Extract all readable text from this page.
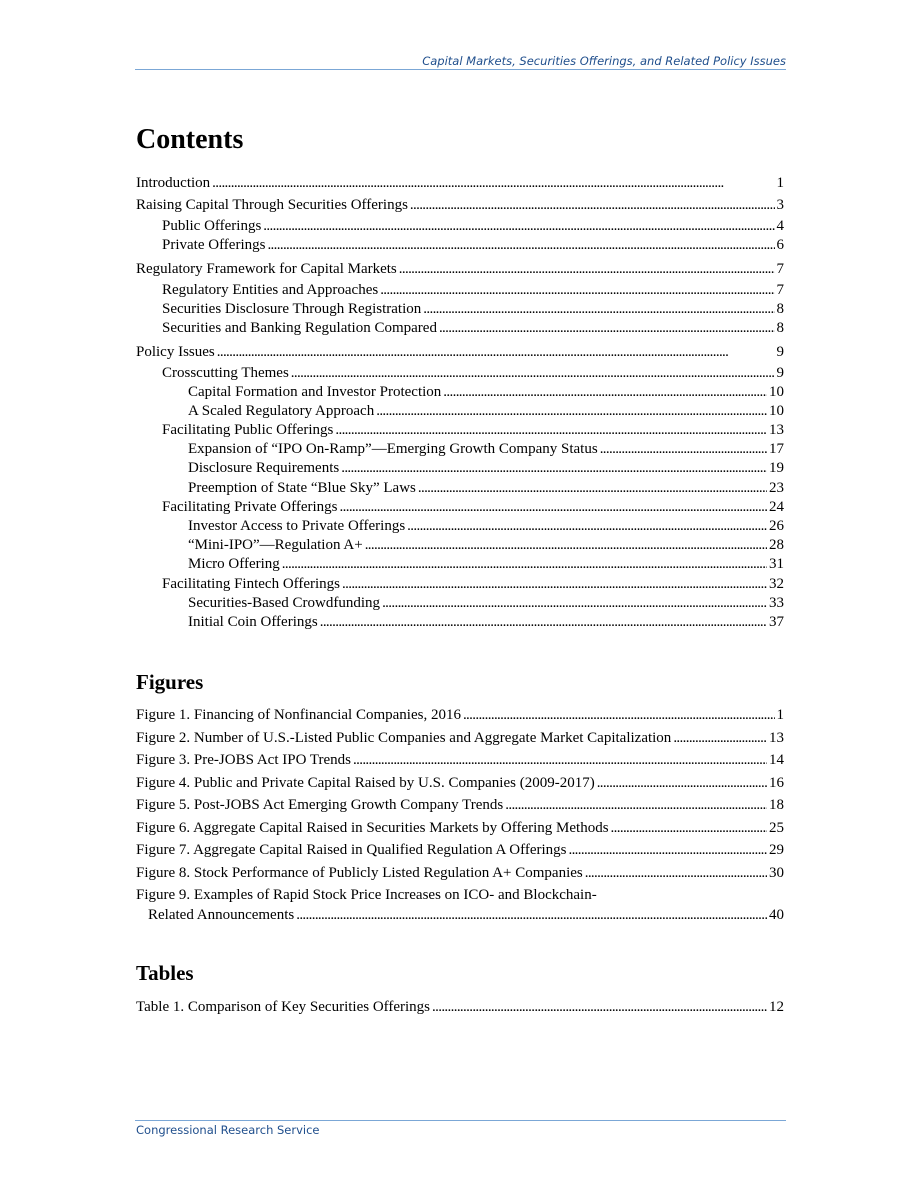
Capital Markets, Securities Offerings, and Related Policy Issues
Contents
Introduction . . .	1
Raising Capital Through Securities Offerings . . .	3
Public Offerings . . .	4
Private Offerings . . .	6
Regulatory Framework for Capital Markets . . .	7
Regulatory Entities and Approaches . . .	7
Securities Disclosure Through Registration . . .	8
Securities and Banking Regulation Compared . . .	8
Policy Issues . . .	9
Crosscutting Themes . . .	9
Capital Formation and Investor Protection . . .	10
A Scaled Regulatory Approach . . .	10
Facilitating Public Offerings . . .	13
Expansion of “IPO On-Ramp”—Emerging Growth Company Status . . .	17
Disclosure Requirements . . .	19
Preemption of State “Blue Sky” Laws . . .	23
Facilitating Private Offerings . . .	24
Investor Access to Private Offerings . . .	26
“Mini-IPO”—Regulation A+ . . .	28
Micro Offering . . .	31
Facilitating Fintech Offerings . . .	32
Securities-Based Crowdfunding . . .	33
Initial Coin Offerings . . .	37
Figures
Figure 1. Financing of Nonfinancial Companies, 2016 . . .	1
Figure 2. Number of U.S.-Listed Public Companies and Aggregate Market Capitalization . . .	13
Figure 3. Pre-JOBS Act IPO Trends . . .	14
Figure 4. Public and Private Capital Raised by U.S. Companies (2009-2017) . . .	16
Figure 5. Post-JOBS Act Emerging Growth Company Trends . . .	18
Figure 6. Aggregate Capital Raised in Securities Markets by Offering Methods . . .	25
Figure 7. Aggregate Capital Raised in Qualified Regulation A Offerings . . .	29
Figure 8. Stock Performance of Publicly Listed Regulation A+ Companies . . .	30
Figure 9. Examples of Rapid Stock Price Increases on ICO- and Blockchain-
Related Announcements . . .	40
Tables
Table 1. Comparison of Key Securities Offerings . . .	12
Congressional Research Service
